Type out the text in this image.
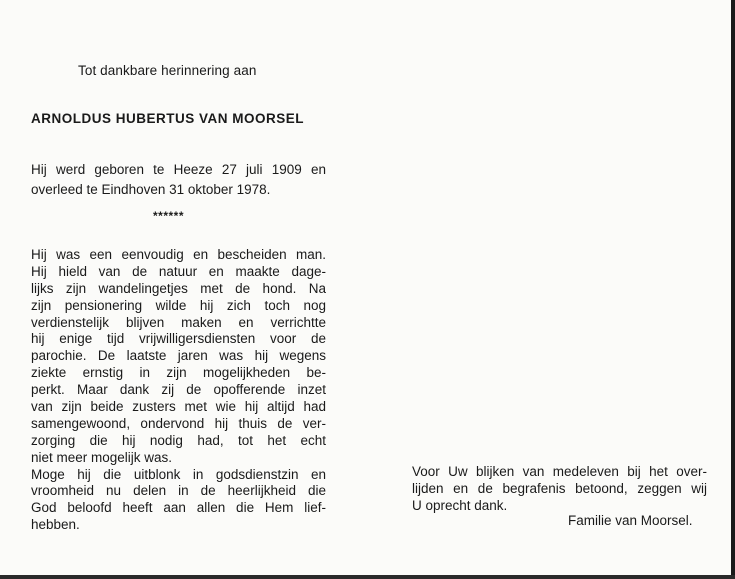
Tot dankbare herinnering aan
ARNOLDUS HUBERTUS VAN MOORSEL
Hij werd geboren te Heeze 27 juli 1909 en
overleed te Eindhoven 31 oktober 1978.
******
Hij was een eenvoudig en bescheiden man.
Hij hield van de natuur en maakte dage-
lijks zijn wandelingetjes met de hond. Na
zijn pensionering wilde hij zich toch nog
verdienstelijk blijven maken en verrichtte
hij enige tijd vrijwilligersdiensten voor de
parochie. De laatste jaren was hij wegens
ziekte ernstig in zijn mogelijkheden be-
perkt. Maar dank zij de opofferende inzet
van zijn beide zusters met wie hij altijd had
samengewoond, ondervond hij thuis de ver-
zorging die hij nodig had, tot het echt
niet meer mogelijk was.
Moge hij die uitblonk in godsdienstzin en
vroomheid nu delen in de heerlijkheid die
God beloofd heeft aan allen die Hem lief-
hebben.
Voor Uw blijken van medeleven bij het over-
lijden en de begrafenis betoond, zeggen wij
U oprecht dank.
Familie van Moorsel.
